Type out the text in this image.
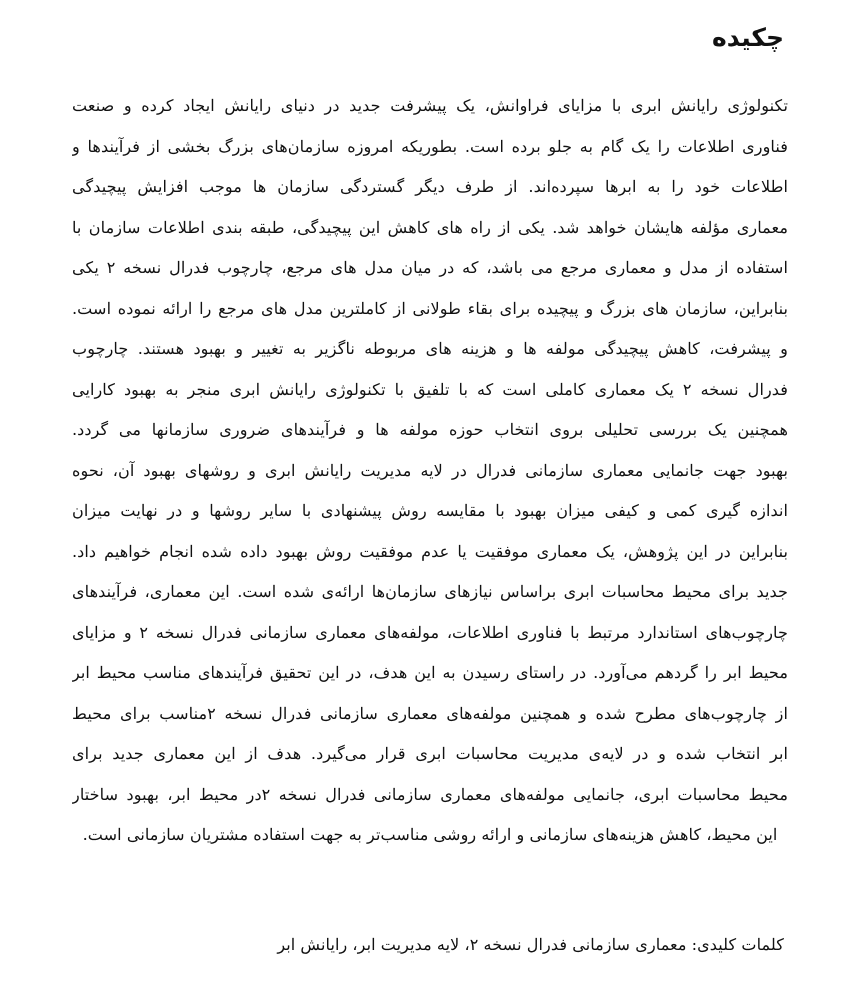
چکیده
تکنولوژی رایانش ابری با مزایای فراوانش، یک پیشرفت جدید در دنیای رایانش ایجاد کرده و صنعت
فناوری اطلاعات را یک گام به جلو برده است. بطوریکه امروزه سازمان‌های بزرگ بخشی از فرآیندها و
اطلاعات خود را به ابرها سپرده‌اند. از طرف دیگر گستردگی سازمان ها موجب افزایش پیچیدگی
معماری مؤلفه هایشان خواهد شد. یکی از راه های کاهش این پیچیدگی، طبقه بندی اطلاعات سازمان با
استفاده از مدل و معماری مرجع می باشد، که در میان مدل های مرجع، چارچوب فدرال نسخه ۲ یکی
بنابراین، سازمان های بزرگ و پیچیده برای بقاء طولانی از کاملترین مدل های مرجع را ارائه نموده است.
و پیشرفت، کاهش پیچیدگی مولفه ها و هزینه های مربوطه ناگزیر به تغییر و بهبود هستند. چارچوب
فدرال نسخه ۲ یک معماری کاملی است که با تلفیق با تکنولوژی رایانش ابری منجر به بهبود کارایی
همچنین یک بررسی تحلیلی بروی انتخاب حوزه مولفه ها و فرآیندهای ضروری سازمانها می گردد.
بهبود جهت جانمایی معماری سازمانی فدرال در لایه مدیریت رایانش ابری و روشهای بهبود آن، نحوه
اندازه گیری کمی و کیفی میزان بهبود با مقایسه روش پیشنهادی با سایر روشها و در نهایت میزان
بنابراین در این پژوهش، یک معماری موفقیت یا عدم موفقیت روش بهبود داده شده انجام خواهیم داد.
جدید برای محیط محاسبات ابری براساس نیازهای سازمان‌ها ارائه‌ی شده است. این معماری، فرآیندهای
چارچوب‌های استاندارد مرتبط با فناوری اطلاعات، مولفه‌های معماری سازمانی فدرال نسخه ۲ و مزایای
محیط ابر را گردهم می‌آورد. در راستای رسیدن به این هدف، در این تحقیق فرآیندهای مناسب محیط ابر
از چارچوب‌های مطرح شده و همچنین مولفه‌های معماری سازمانی فدرال نسخه ۲مناسب برای محیط
ابر انتخاب شده و در لایه‌ی مدیریت محاسبات ابری قرار می‌گیرد. هدف از این معماری جدید برای
محیط محاسبات ابری، جانمایی مولفه‌های معماری سازمانی فدرال نسخه ۲در محیط ابر، بهبود ساختار
این محیط، کاهش هزینه‌های سازمانی و ارائه روشی مناسب‌تر به جهت استفاده مشتریان سازمانی است.
کلمات کلیدی: معماری سازمانی فدرال نسخه ۲، لایه مدیریت ابر، رایانش ابر
